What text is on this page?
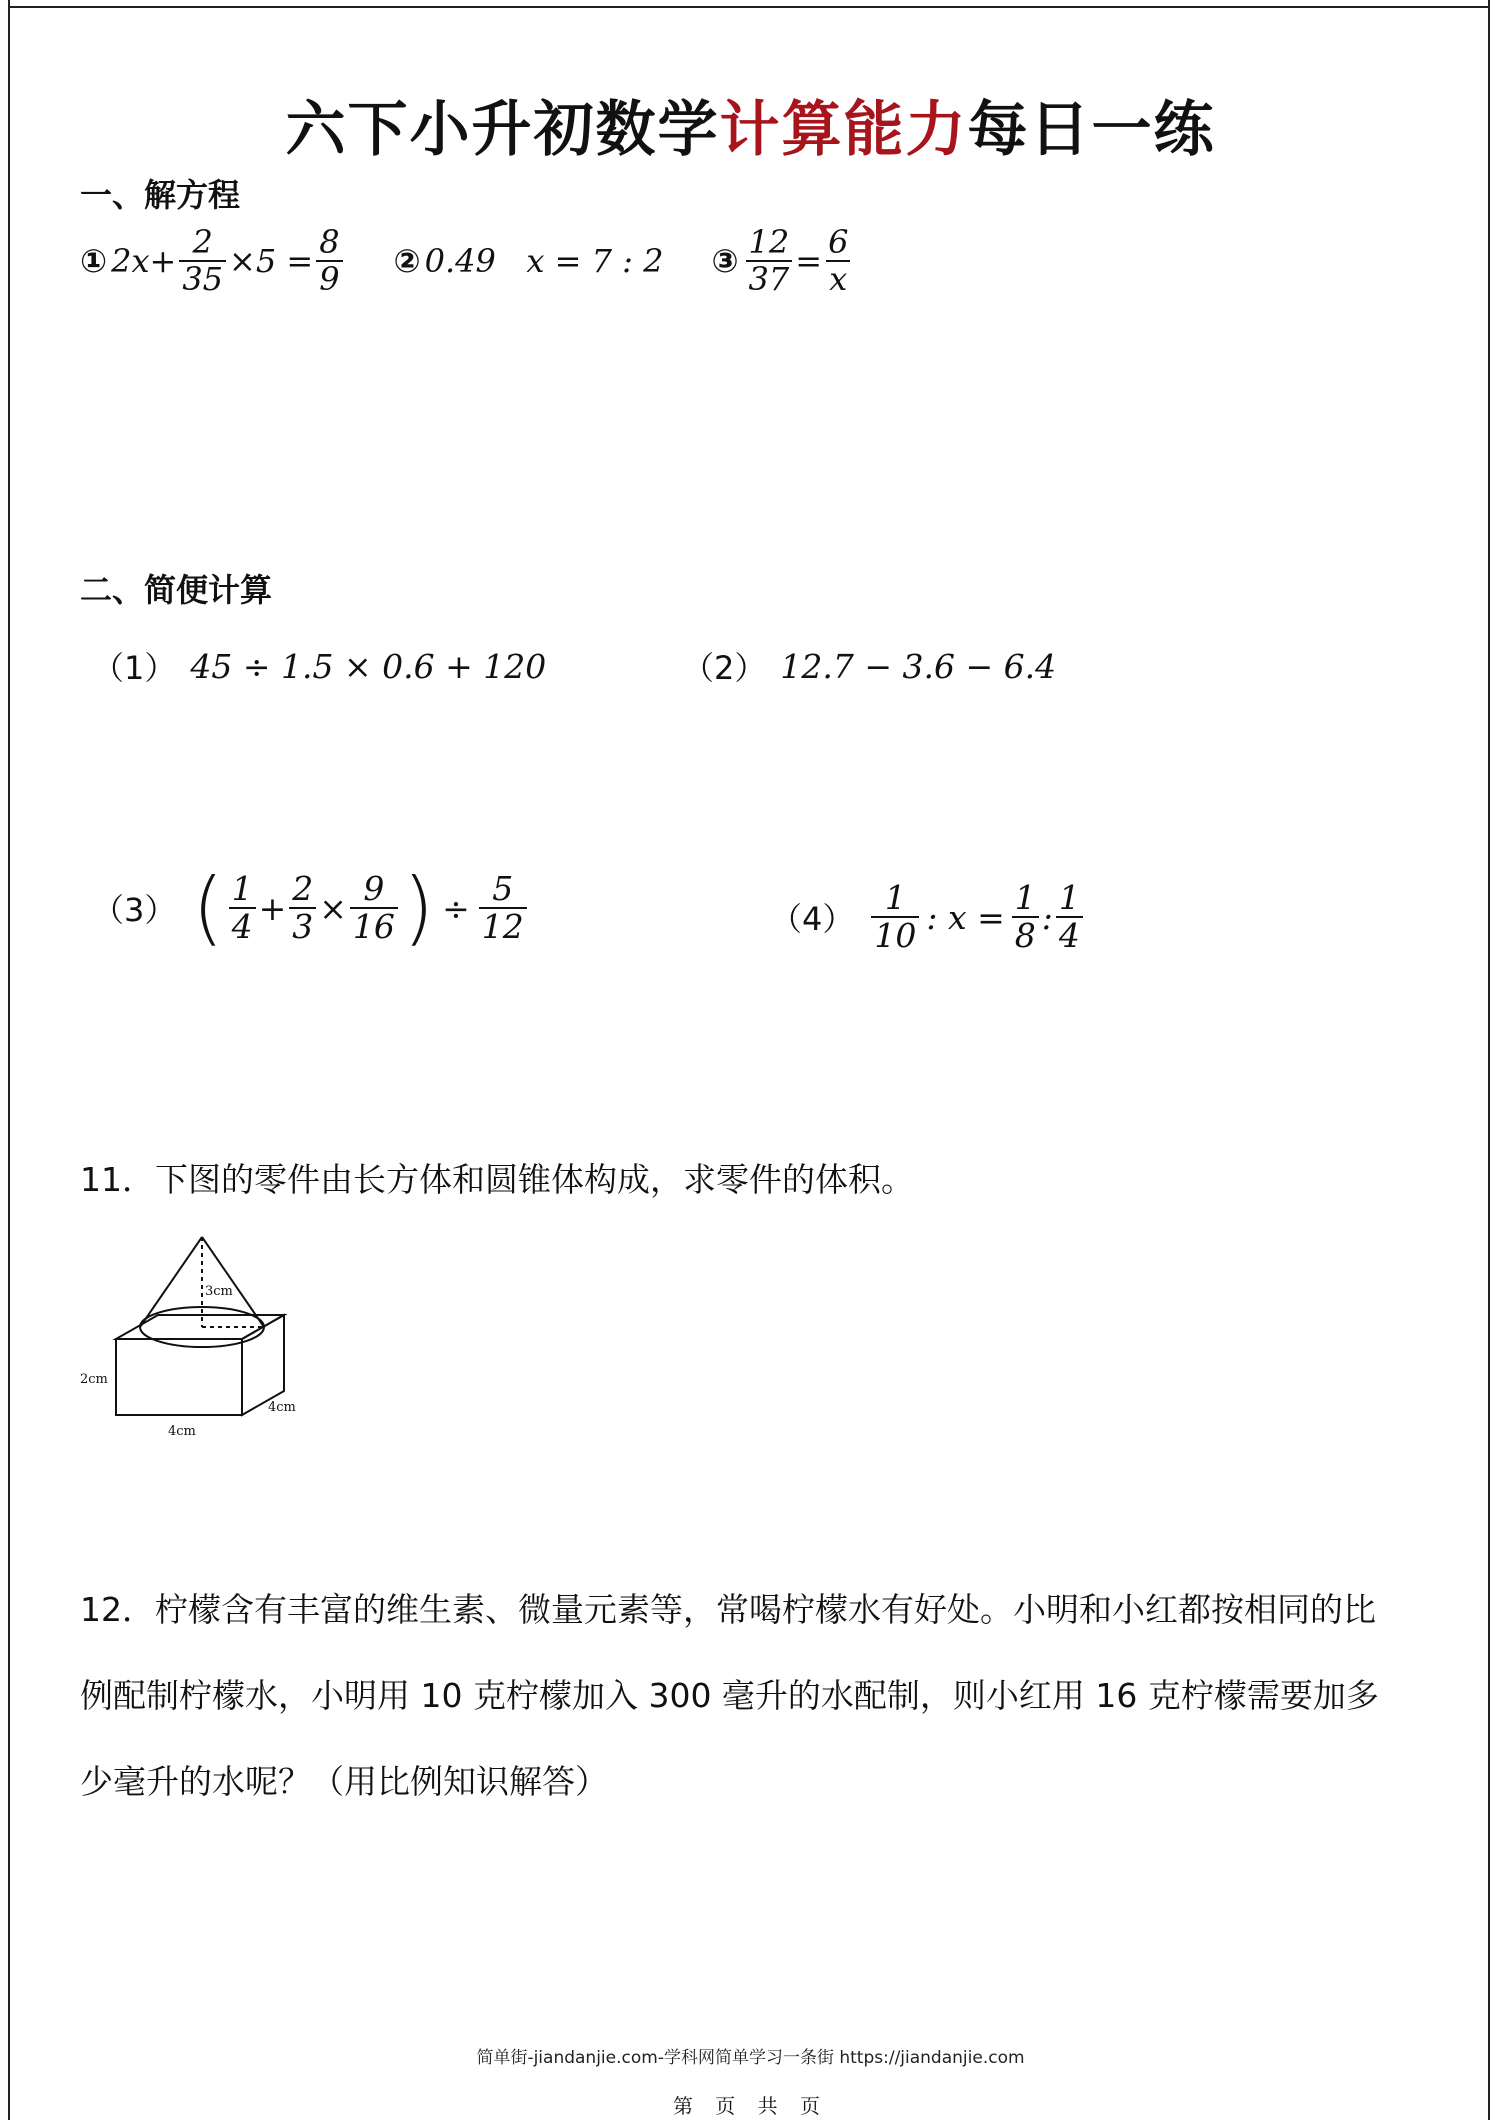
六下小升初数学计算能力每日一练
一、解方程
① $2x+ \frac{2}{35} \times 5 = \frac{8}{9}$ ② 0.49   x = 7 : 2 ③ $\frac{12}{37} = \frac{6}{x}$
二、简便计算
（1） 45 ÷ 1.5 × 0.6 + 120	（2） 12.7 − 3.6 − 6.4
（3） ( $\frac{1}{4} + \frac{2}{3} \times \frac{9}{16}$ ) ÷ $\frac{5}{12}$	$(4) \frac{1}{10}$ : $x = \frac{1}{8}$ : $\frac{1}{4}$
11．下图的零件由长方体和圆锥体构成，求零件的体积。
3cm
2cm
4cm
4cm
12．柠檬含有丰富的维生素、微量元素等，常喝柠檬水有好处。小明和小红都按相同的比
例配制柠檬水，小明用 10 克柠檬加入 300 毫升的水配制，则小红用 16 克柠檬需要加多
少毫升的水呢？（用比例知识解答）
简单街-jiandanjie.com-学科网简单学习一条街 https://jiandanjie.com
第 页 共 页
